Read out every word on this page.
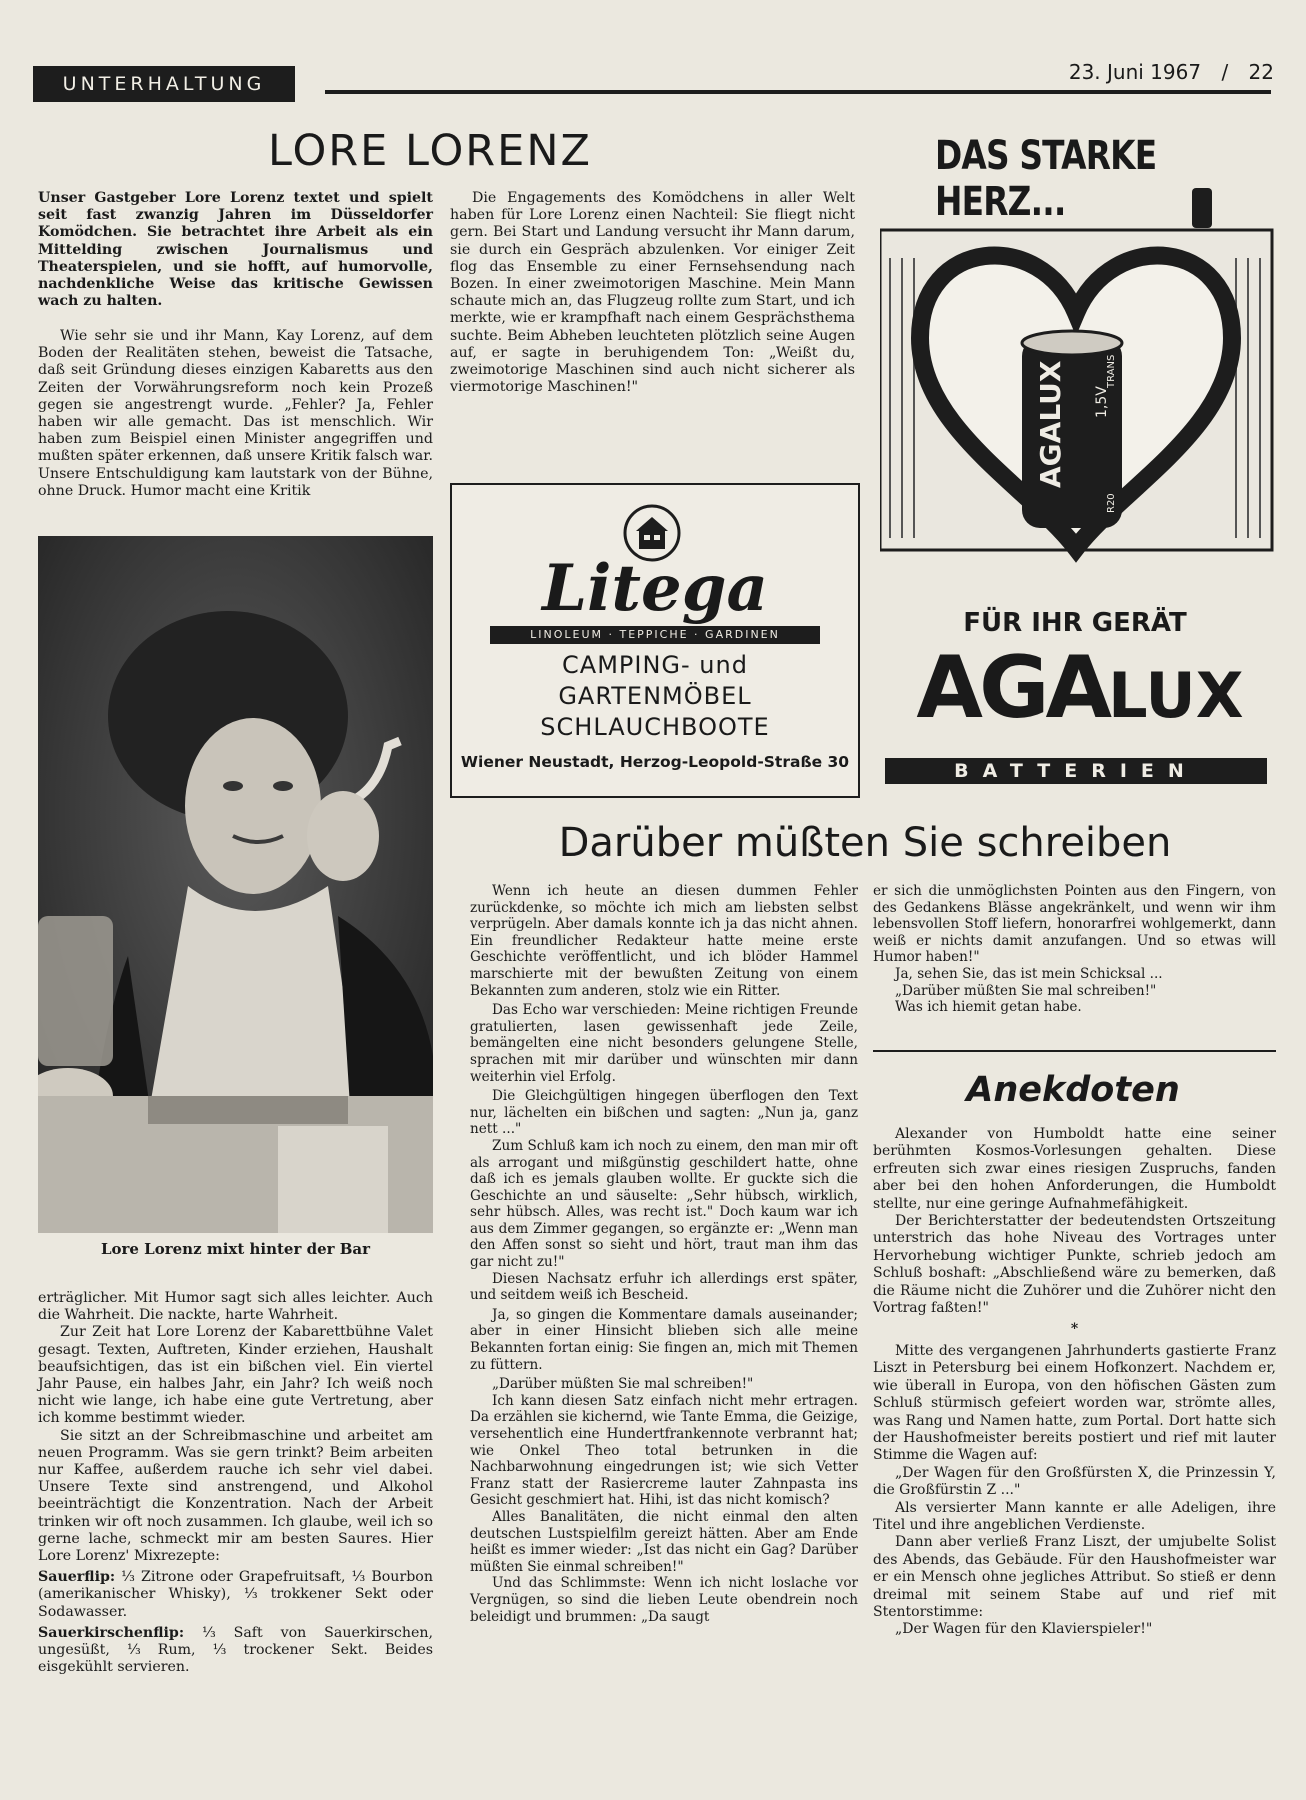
UNTERHALTUNG	23. Juni 1967 / 22
LORE LORENZ

Unser Gastgeber Lore Lorenz textet und spielt seit fast zwanzig Jahren im Düsseldorfer Komödchen. Sie betrachtet ihre Arbeit als ein Mittelding zwischen Journalismus und Theaterspielen, und sie hofft, auf humorvolle, nachdenkliche Weise das kritische Gewissen wach zu halten.

Wie sehr sie und ihr Mann, Kay Lorenz, auf dem Boden der Realitäten stehen, beweist die Tatsache, daß seit Gründung dieses einzigen Kabaretts aus den Zeiten der Vorwährungsreform noch kein Prozeß gegen sie angestrengt wurde. „Fehler? Ja, Fehler haben wir alle gemacht. Das ist menschlich. Wir haben zum Beispiel einen Minister angegriffen und mußten später erkennen, daß unsere Kritik falsch war. Unsere Entschuldigung kam lautstark von der Bühne, ohne Druck. Humor macht eine Kritik

Lore Lorenz mixt hinter der Bar

erträglicher. Mit Humor sagt sich alles leichter. Auch die Wahrheit. Die nackte, harte Wahrheit.

Zur Zeit hat Lore Lorenz der Kabarettbühne Valet gesagt. Texten, Auftreten, Kinder erziehen, Haushalt beaufsichtigen, das ist ein bißchen viel. Ein viertel Jahr Pause, ein halbes Jahr, ein Jahr? Ich weiß noch nicht wie lange, ich habe eine gute Vertretung, aber ich komme bestimmt wieder.

Sie sitzt an der Schreibmaschine und arbeitet am neuen Programm. Was sie gern trinkt? Beim arbeiten nur Kaffee, außerdem rauche ich sehr viel dabei. Unsere Texte sind anstrengend, und Alkohol beeinträchtigt die Konzentration. Nach der Arbeit trinken wir oft noch zusammen. Ich glaube, weil ich so gerne lache, schmeckt mir am besten Saures. Hier Lore Lorenz' Mixrezepte:

Sauerflip: ⅓ Zitrone oder Grapefruitsaft, ⅓ Bourbon (amerikanischer Whisky), ⅓ trokkener Sekt oder Sodawasser.

Sauerkirschenflip: ⅓ Saft von Sauerkirschen, ungesüßt, ⅓ Rum, ⅓ trockener Sekt. Beides eisgekühlt servieren.

Die Engagements des Komödchens in aller Welt haben für Lore Lorenz einen Nachteil: Sie fliegt nicht gern. Bei Start und Landung versucht ihr Mann darum, sie durch ein Gespräch abzulenken. Vor einiger Zeit flog das Ensemble zu einer Fernsehsendung nach Bozen. In einer zweimotorigen Maschine. Mein Mann schaute mich an, das Flugzeug rollte zum Start, und ich merkte, wie er krampfhaft nach einem Gesprächsthema suchte. Beim Abheben leuchteten plötzlich seine Augen auf, er sagte in beruhigendem Ton: „Weißt du, zweimotorige Maschinen sind auch nicht sicherer als viermotorige Maschinen!"

Litega
LINOLEUM · TEPPICHE · GARDINEN
CAMPING- und
GARTENMÖBEL
SCHLAUCHBOOTE
Wiener Neustadt, Herzog-Leopold-Straße 30
DAS STARKE HERZ...
AGALUX 1,5V
TRANS
R20
FÜR IHR GERÄT
AGALUX
BATTERIEN
Darüber müßten Sie schreiben

Wenn ich heute an diesen dummen Fehler zurückdenke, so möchte ich mich am liebsten selbst verprügeln. Aber damals konnte ich ja das nicht ahnen. Ein freundlicher Redakteur hatte meine erste Geschichte veröffentlicht, und ich blöder Hammel marschierte mit der bewußten Zeitung von einem Bekannten zum anderen, stolz wie ein Ritter.

Das Echo war verschieden: Meine richtigen Freunde gratulierten, lasen gewissenhaft jede Zeile, bemängelten eine nicht besonders gelungene Stelle, sprachen mit mir darüber und wünschten mir dann weiterhin viel Erfolg.

Die Gleichgültigen hingegen überflogen den Text nur, lächelten ein bißchen und sagten: „Nun ja, ganz nett ..."

Zum Schluß kam ich noch zu einem, den man mir oft als arrogant und mißgünstig geschildert hatte, ohne daß ich es jemals glauben wollte. Er guckte sich die Geschichte an und säuselte: „Sehr hübsch, wirklich, sehr hübsch. Alles, was recht ist." Doch kaum war ich aus dem Zimmer gegangen, so ergänzte er: „Wenn man den Affen sonst so sieht und hört, traut man ihm das gar nicht zu!"

Diesen Nachsatz erfuhr ich allerdings erst später, und seitdem weiß ich Bescheid.

Ja, so gingen die Kommentare damals auseinander; aber in einer Hinsicht blieben sich alle meine Bekannten fortan einig: Sie fingen an, mich mit Themen zu füttern.

„Darüber müßten Sie mal schreiben!"

Ich kann diesen Satz einfach nicht mehr ertragen. Da erzählen sie kichernd, wie Tante Emma, die Geizige, versehentlich eine Hundertfrankennote verbrannt hat; wie Onkel Theo total betrunken in die Nachbarwohnung eingedrungen ist; wie sich Vetter Franz statt der Rasiercreme lauter Zahnpasta ins Gesicht geschmiert hat. Hihi, ist das nicht komisch?

Alles Banalitäten, die nicht einmal den alten deutschen Lustspielfilm gereizt hätten. Aber am Ende heißt es immer wieder: „Ist das nicht ein Gag? Darüber müßten Sie einmal schreiben!"

Und das Schlimmste: Wenn ich nicht loslache vor Vergnügen, so sind die lieben Leute obendrein noch beleidigt und brummen: „Da saugt

er sich die unmöglichsten Pointen aus den Fingern, von des Gedankens Blässe angekränkelt, und wenn wir ihm lebensvollen Stoff liefern, honorarfrei wohlgemerkt, dann weiß er nichts damit anzufangen. Und so etwas will Humor haben!"

Ja, sehen Sie, das ist mein Schicksal ...

„Darüber müßten Sie mal schreiben!"

Was ich hiemit getan habe.

Anekdoten

Alexander von Humboldt hatte eine seiner berühmten Kosmos-Vorlesungen gehalten. Diese erfreuten sich zwar eines riesigen Zuspruchs, fanden aber bei den hohen Anforderungen, die Humboldt stellte, nur eine geringe Aufnahmefähigkeit.

Der Berichterstatter der bedeutendsten Ortszeitung unterstrich das hohe Niveau des Vortrages unter Hervorhebung wichtiger Punkte, schrieb jedoch am Schluß boshaft: „Abschließend wäre zu bemerken, daß die Räume nicht die Zuhörer und die Zuhörer nicht den Vortrag faßten!"

*

Mitte des vergangenen Jahrhunderts gastierte Franz Liszt in Petersburg bei einem Hofkonzert. Nachdem er, wie überall in Europa, von den höfischen Gästen zum Schluß stürmisch gefeiert worden war, strömte alles, was Rang und Namen hatte, zum Portal. Dort hatte sich der Haushofmeister bereits postiert und rief mit lauter Stimme die Wagen auf:

„Der Wagen für den Großfürsten X, die Prinzessin Y, die Großfürstin Z ..."

Als versierter Mann kannte er alle Adeligen, ihre Titel und ihre angeblichen Verdienste.

Dann aber verließ Franz Liszt, der umjubelte Solist des Abends, das Gebäude. Für den Haushofmeister war er ein Mensch ohne jegliches Attribut. So stieß er denn dreimal mit seinem Stabe auf und rief mit Stentorstimme:

„Der Wagen für den Klavierspieler!"
